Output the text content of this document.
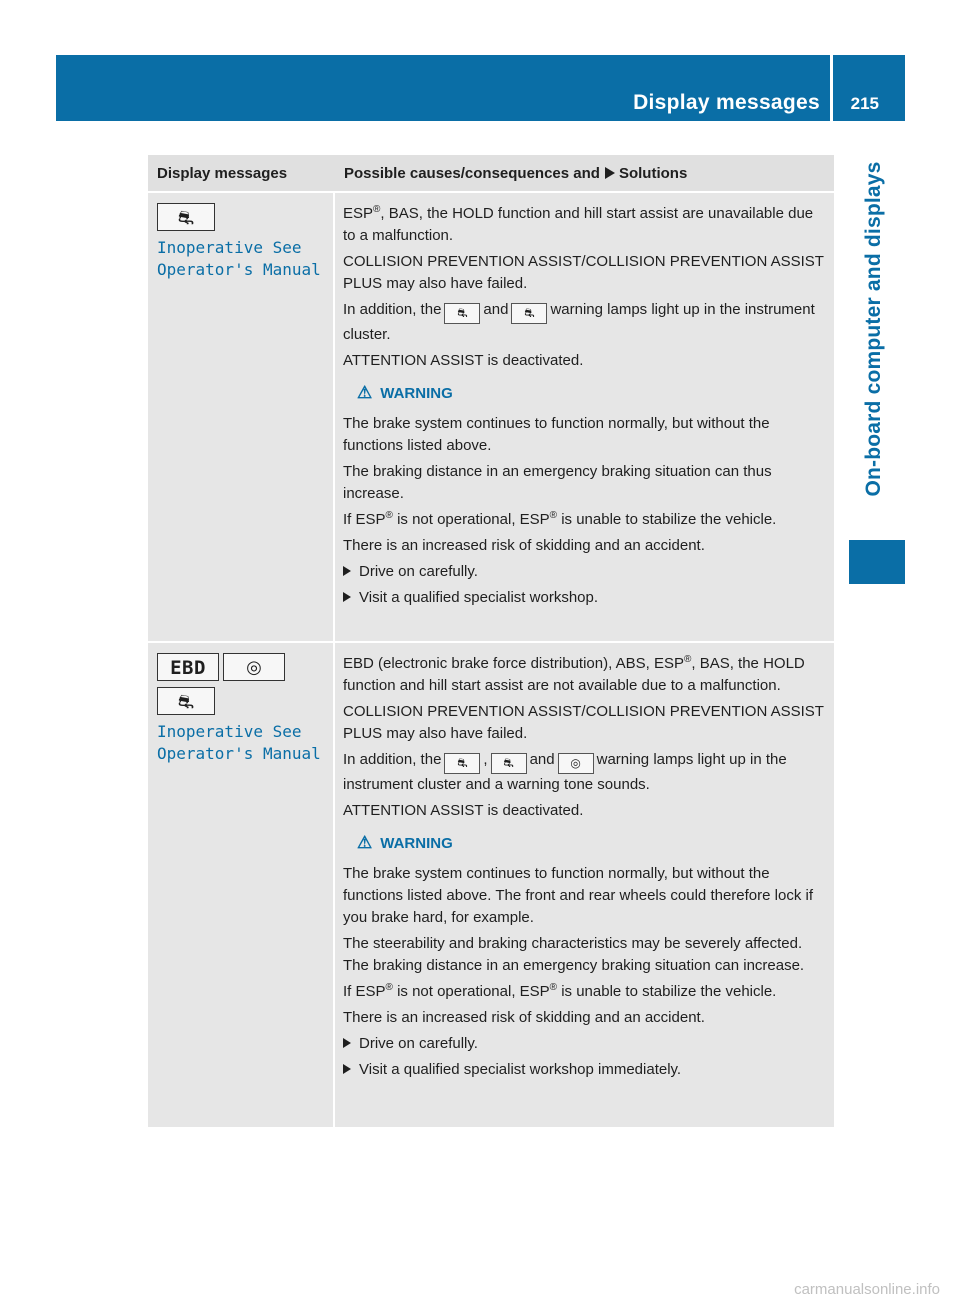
Display messages 215
On-board computer and displays
Display messages	Possible causes/consequences and Solutions
⛐
Inoperative See
Operator's Manual

ESP®, BAS, the HOLD function and hill start assist are unavailable due to a malfunction.

COLLISION PREVENTION ASSIST/COLLISION PREVENTION ASSIST PLUS may also have failed.

In addition, the ⛐ and ⛐ warning lamps light up in the instrument cluster.

ATTENTION ASSIST is deactivated.

⚠ WARNING

The brake system continues to function normally, but without the functions listed above.

The braking distance in an emergency braking situation can thus increase.

If ESP® is not operational, ESP® is unable to stabilize the vehicle.

There is an increased risk of skidding and an accident.

Drive on carefully.

Visit a qualified specialist workshop.

EBD ◎
⛐
Inoperative See
Operator's Manual

EBD (electronic brake force distribution), ABS, ESP®, BAS, the HOLD function and hill start assist are not available due to a malfunction.

COLLISION PREVENTION ASSIST/COLLISION PREVENTION ASSIST PLUS may also have failed.

In addition, the ⛐ , ⛐ and ◎ warning lamps light up in the instrument cluster and a warning tone sounds.

ATTENTION ASSIST is deactivated.

⚠ WARNING

The brake system continues to function normally, but without the functions listed above. The front and rear wheels could therefore lock if you brake hard, for example.

The steerability and braking characteristics may be severely affected. The braking distance in an emergency braking situation can increase.

If ESP® is not operational, ESP® is unable to stabilize the vehicle.

There is an increased risk of skidding and an accident.

Drive on carefully.

Visit a qualified specialist workshop immediately.

carmanualsonline.info
